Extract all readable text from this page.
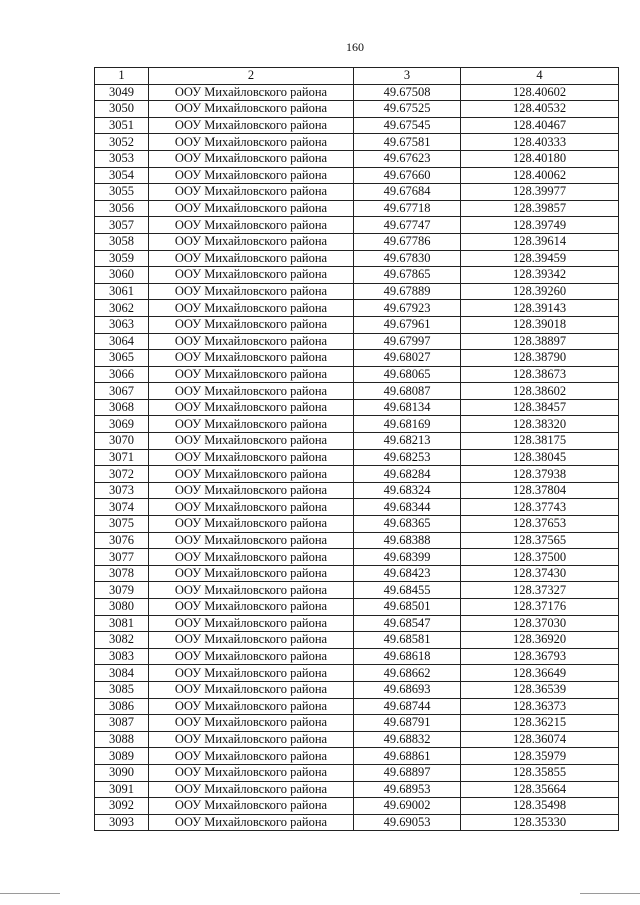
160
1	2	3	4
3049	ООУ Михайловского района	49.67508	128.40602
3050	ООУ Михайловского района	49.67525	128.40532
3051	ООУ Михайловского района	49.67545	128.40467
3052	ООУ Михайловского района	49.67581	128.40333
3053	ООУ Михайловского района	49.67623	128.40180
3054	ООУ Михайловского района	49.67660	128.40062
3055	ООУ Михайловского района	49.67684	128.39977
3056	ООУ Михайловского района	49.67718	128.39857
3057	ООУ Михайловского района	49.67747	128.39749
3058	ООУ Михайловского района	49.67786	128.39614
3059	ООУ Михайловского района	49.67830	128.39459
3060	ООУ Михайловского района	49.67865	128.39342
3061	ООУ Михайловского района	49.67889	128.39260
3062	ООУ Михайловского района	49.67923	128.39143
3063	ООУ Михайловского района	49.67961	128.39018
3064	ООУ Михайловского района	49.67997	128.38897
3065	ООУ Михайловского района	49.68027	128.38790
3066	ООУ Михайловского района	49.68065	128.38673
3067	ООУ Михайловского района	49.68087	128.38602
3068	ООУ Михайловского района	49.68134	128.38457
3069	ООУ Михайловского района	49.68169	128.38320
3070	ООУ Михайловского района	49.68213	128.38175
3071	ООУ Михайловского района	49.68253	128.38045
3072	ООУ Михайловского района	49.68284	128.37938
3073	ООУ Михайловского района	49.68324	128.37804
3074	ООУ Михайловского района	49.68344	128.37743
3075	ООУ Михайловского района	49.68365	128.37653
3076	ООУ Михайловского района	49.68388	128.37565
3077	ООУ Михайловского района	49.68399	128.37500
3078	ООУ Михайловского района	49.68423	128.37430
3079	ООУ Михайловского района	49.68455	128.37327
3080	ООУ Михайловского района	49.68501	128.37176
3081	ООУ Михайловского района	49.68547	128.37030
3082	ООУ Михайловского района	49.68581	128.36920
3083	ООУ Михайловского района	49.68618	128.36793
3084	ООУ Михайловского района	49.68662	128.36649
3085	ООУ Михайловского района	49.68693	128.36539
3086	ООУ Михайловского района	49.68744	128.36373
3087	ООУ Михайловского района	49.68791	128.36215
3088	ООУ Михайловского района	49.68832	128.36074
3089	ООУ Михайловского района	49.68861	128.35979
3090	ООУ Михайловского района	49.68897	128.35855
3091	ООУ Михайловского района	49.68953	128.35664
3092	ООУ Михайловского района	49.69002	128.35498
3093	ООУ Михайловского района	49.69053	128.35330
